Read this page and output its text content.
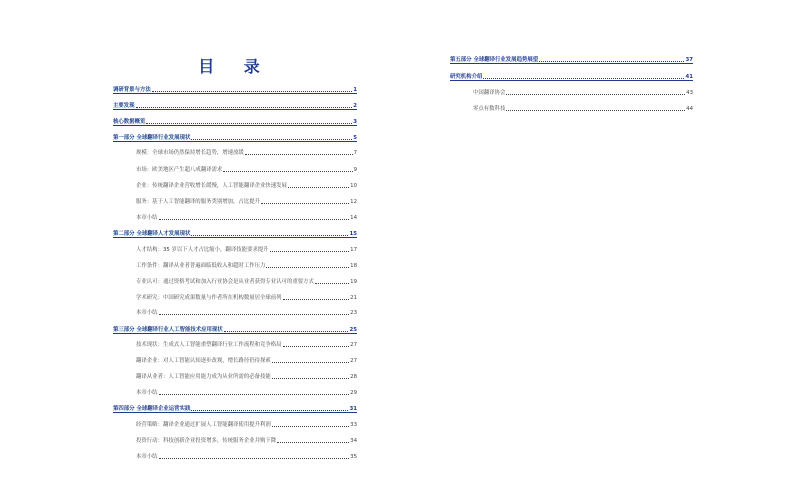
目 录
调研背景与方法	1
主要发现	2
核心数据概览	3
第一部分 全球翻译行业发展现状	5
规模：全球市场仍然保持增长趋势，增速放缓	7
市场：欧美地区产生超八成翻译需求	9
企业：传统翻译企业营收增长缓慢，人工智能翻译企业快速发展	10
服务：基于人工智能翻译的服务类别增加，占比提升	12
本章小结	14
第二部分 全球翻译人才发展现状	15
人才结构：35 岁以下人才占比缩小，翻译技能要求提升	17
工作条件：翻译从业者普遍面临低收入和超时工作压力	18
专业认可：通过资格考试和加入行业协会是从业者获得专业认可的重要方式	19
学术研究：中国研究成果数量与作者所在机构数量居全球前列	21
本章小结	23
第三部分 全球翻译行业人工智能技术应用现状	25
技术现状：生成式人工智能重塑翻译行业工作流程和竞争格局	27
翻译企业：对人工智能认知逐步改观，增长路径仍待探索	27
翻译从业者：人工智能应用能力成为从业所需的必备技能	28
本章小结	29
第四部分 全球翻译企业运营实践	31
经营策略：翻译企业通过扩展人工智能翻译使用提升利润	33
投资行动：科技创新企业投资增多，传统服务企业并购下降	34
本章小结	35
第五部分 全球翻译行业发展趋势展望	37
研究机构介绍	41
中国翻译协会	43
零点有数科技	44
